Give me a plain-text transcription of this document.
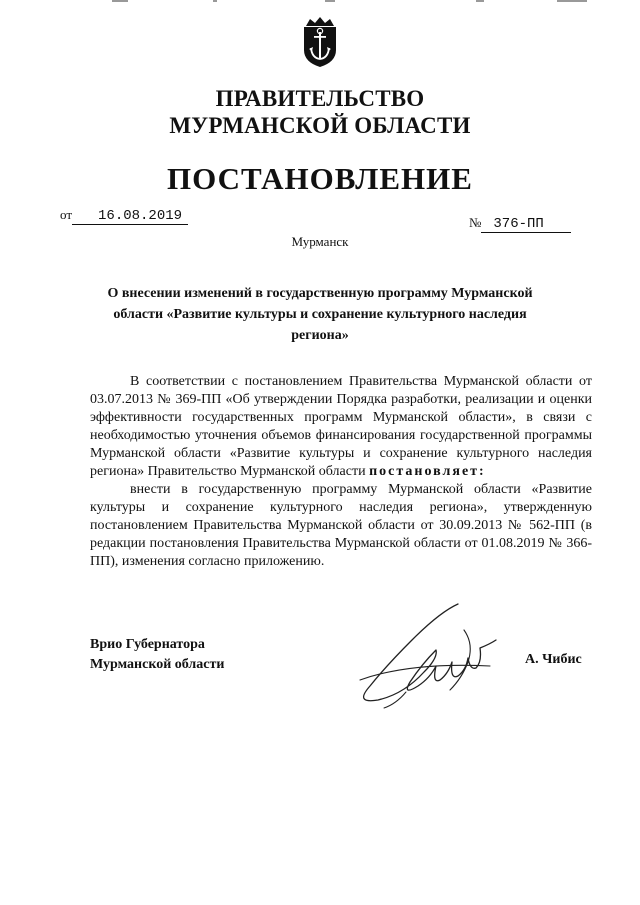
ПРАВИТЕЛЬСТВО
МУРМАНСКОЙ ОБЛАСТИ
ПОСТАНОВЛЕНИЕ
от 16.08.2019	№ 376-ПП
Мурманск
О внесении изменений в государственную программу Мурманской области «Развитие культуры и сохранение культурного наследия региона»

В соответствии с постановлением Правительства Мурманской области от 03.07.2013 № 369-ПП «Об утверждении Порядка разработки, реализации и оценки эффективности государственных программ Мурманской области», в связи с необходимостью уточнения объемов финансирования государственной программы Мурманской области «Развитие культуры и сохранение культурного наследия региона» Правительство Мурманской области постановляет:

внести в государственную программу Мурманской области «Развитие культуры и сохранение культурного наследия региона», утвержденную постановлением Правительства Мурманской области от 30.09.2013 № 562-ПП (в редакции постановления Правительства Мурманской области от 01.08.2019 № 366-ПП), изменения согласно приложению.

Врио Губернатора
Мурманской области	А. Чибис
